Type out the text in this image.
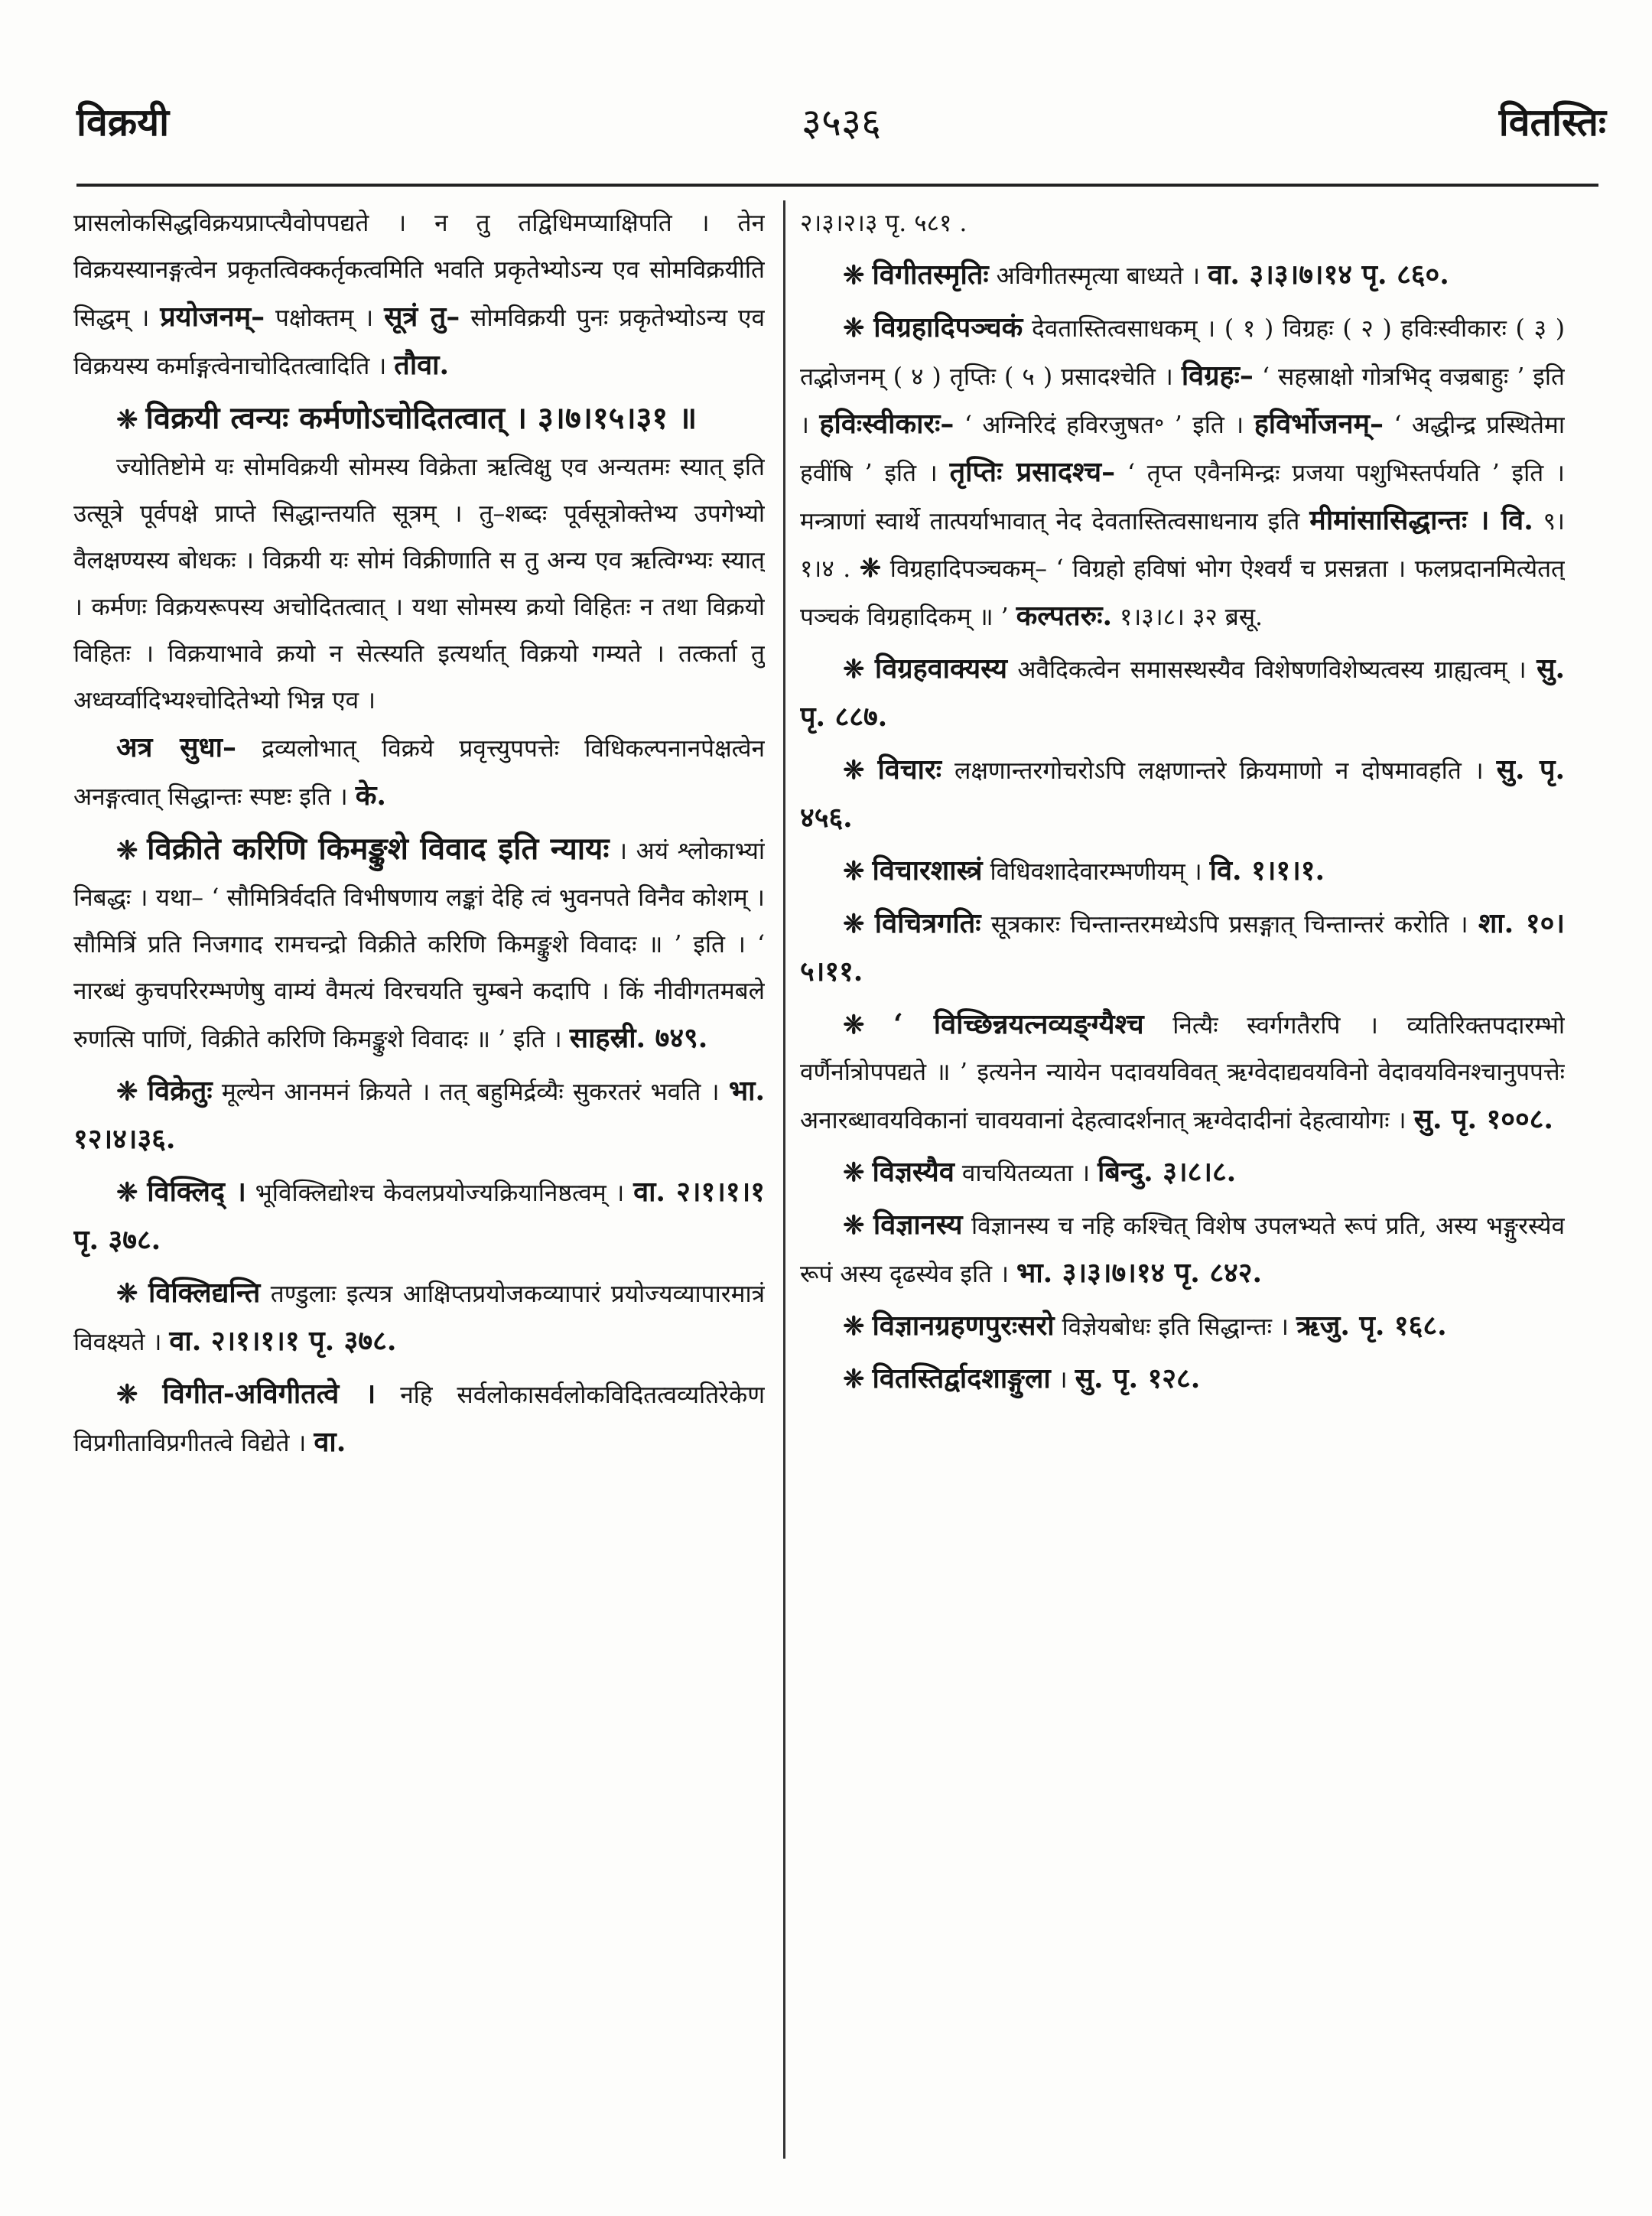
३५३६
विक्रयी	वितस्तिः

प्रासलोकसिद्धविक्रयप्राप्त्यैवोपपद्यते । न तु तद्विधिमप्याक्षिपति । तेन विक्रयस्यानङ्गत्वेन प्रकृतत्विक्कर्तृकत्वमिति भवति प्रकृतेभ्योऽन्य एव सोमविक्रयीति सिद्धम् । प्रयोजनम्– पक्षोक्तम् । सूत्रं तु– सोमविक्रयी पुनः प्रकृतेभ्योऽन्य एव विक्रयस्य कर्माङ्गत्वेनाचोदितत्वादिति । तौवा.

❈ विक्रयी त्वन्यः कर्मणोऽचोदितत्वात् । ३।७।१५।३१ ॥

ज्योतिष्टोमे यः सोमविक्रयी सोमस्य विक्रेता ऋत्विक्षु एव अन्यतमः स्यात् इति उत्सूत्रे पूर्वपक्षे प्राप्ते सिद्धान्तयति सूत्रम् । तु–शब्दः पूर्वसूत्रोक्तेभ्य उपगेभ्यो वैलक्षण्यस्य बोधकः । विक्रयी यः सोमं विक्रीणाति स तु अन्य एव ऋत्विग्भ्यः स्यात् । कर्मणः विक्रयरूपस्य अचोदितत्वात् । यथा सोमस्य क्रयो विहितः न तथा विक्रयो विहितः । विक्रयाभावे क्रयो न सेत्स्यति इत्यर्थात् विक्रयो गम्यते । तत्कर्ता तु अध्वर्य्वादिभ्यश्चोदितेभ्यो भिन्न एव ।

अत्र सुधा– द्रव्यलोभात् विक्रये प्रवृत्त्युपपत्तेः विधिकल्पनानपेक्षत्वेन अनङ्गत्वात् सिद्धान्तः स्पष्टः इति । के.

❈ विक्रीते करिणि किमङ्कुशे विवाद इति न्यायः । अयं श्लोकाभ्यां निबद्धः । यथा– ‘ सौमित्रिर्वदति विभीषणाय लङ्कां देहि त्वं भुवनपते विनैव कोशम् । सौमित्रिं प्रति निजगाद रामचन्द्रो विक्रीते करिणि किमङ्कुशे विवादः ॥ ’ इति । ‘ नारब्धं कुचपरिरम्भणेषु वाम्यं वैमत्यं विरचयति चुम्बने कदापि । किं नीवीगतमबले रुणत्सि पाणिं, विक्रीते करिणि किमङ्कुशे विवादः ॥ ’ इति । साहस्री. ७४९.

❈ विक्रेतुः मूल्येन आनमनं क्रियते । तत् बहुमिर्द्रव्यैः सुकरतरं भवति । भा. १२।४।३६.

❈ विक्लिद् । भूविक्लिद्योश्च केवलप्रयोज्यक्रियानिष्ठत्वम् । वा. २।१।१।१ पृ. ३७८.

❈ विक्लिद्यन्ति तण्डुलाः इत्यत्र आक्षिप्तप्रयोजकव्यापारं प्रयोज्यव्यापारमात्रं विवक्ष्यते । वा. २।१।१।१ पृ. ३७८.

❈ विगीत-अविगीतत्वे । नहि सर्वलोकासर्वलोकविदितत्वव्यतिरेकेण विप्रगीताविप्रगीतत्वे विद्येते । वा.

२।३।२।३ पृ. ५८१ .

❈ विगीतस्मृतिः अविगीतस्मृत्या बाध्यते । वा. ३।३।७।१४ पृ. ८६०.

❈ विग्रहादिपञ्चकं देवतास्तित्वसाधकम् । ( १ ) विग्रहः ( २ ) हविःस्वीकारः ( ३ ) तद्भोजनम् ( ४ ) तृप्तिः ( ५ ) प्रसादश्चेति । विग्रहः– ‘ सहस्राक्षो गोत्रभिद् वज्रबाहुः ’ इति । हविःस्वीकारः– ‘ अग्निरिदं हविरजुषत॰ ’ इति । हविर्भोजनम्– ‘ अद्धीन्द्र प्रस्थितेमा हवींषि ’ इति । तृप्तिः प्रसादश्च– ‘ तृप्त एवैनमिन्द्रः प्रजया पशुभिस्तर्पयति ’ इति । मन्त्राणां स्वार्थे तात्पर्याभावात् नेद देवतास्तित्वसाधनाय इति मीमांसासिद्धान्तः । वि. ९।१।४ . ❈ विग्रहादिपञ्चकम्– ‘ विग्रहो हविषां भोग ऐश्वर्यं च प्रसन्नता । फलप्रदानमित्येतत् पञ्चकं विग्रहादिकम् ॥ ’ कल्पतरुः. १।३।८। ३२ ब्रसू.

❈ विग्रहवाक्यस्य अवैदिकत्वेन समासस्थस्यैव विशेषणविशेष्यत्वस्य ग्राह्यत्वम् । सु. पृ. ८८७.

❈ विचारः लक्षणान्तरगोचरोऽपि लक्षणान्तरे क्रियमाणो न दोषमावहति । सु. पृ. ४५६.

❈ विचारशास्त्रं विधिवशादेवारम्भणीयम् । वि. १।१।१.

❈ विचित्रगतिः सूत्रकारः चिन्तान्तरमध्येऽपि प्रसङ्गात् चिन्तान्तरं करोति । शा. १०।५।११.

❈ ‘ विच्छिन्नयत्नव्यङ्ग्यैश्च नित्यैः स्वर्गगतैरपि । व्यतिरिक्तपदारम्भो वर्णैर्नात्रोपपद्यते ॥ ’ इत्यनेन न्यायेन पदावयविवत् ऋग्वेदाद्यवयविनो वेदावयविनश्चानुपपत्तेः अनारब्धावयविकानां चावयवानां देहत्वादर्शनात् ऋग्वेदादीनां देहत्वायोगः । सु. पृ. १००८.

❈ विज्ञस्यैव वाचयितव्यता । बिन्दु. ३।८।८.

❈ विज्ञानस्य विज्ञानस्य च नहि कश्चित् विशेष उपलभ्यते रूपं प्रति, अस्य भङ्गुरस्येव रूपं अस्य दृढस्येव इति । भा. ३।३।७।१४ पृ. ८४२.

❈ विज्ञानग्रहणपुरःसरो विज्ञेयबोधः इति सिद्धान्तः । ऋजु. पृ. १६८.

❈ वितस्तिर्द्वादशाङ्गुला । सु. पृ. १२८.
